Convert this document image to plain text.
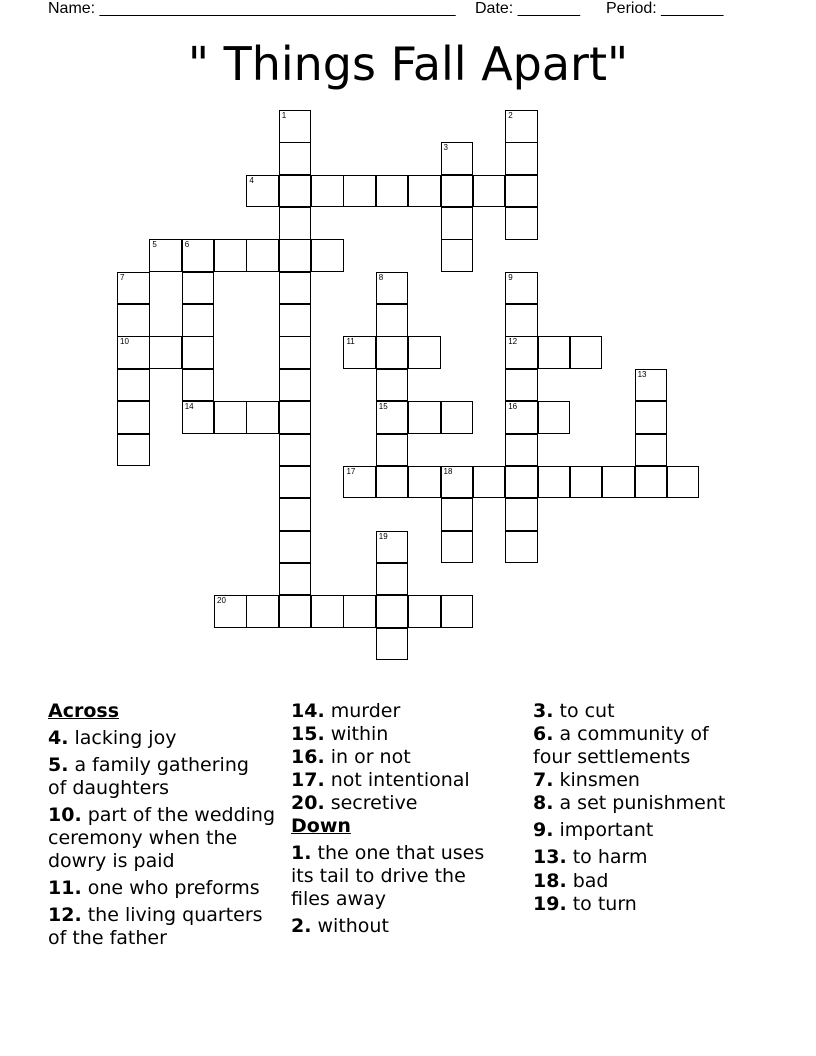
Name: ________________________________________ Date: _______ Period: _______
" Things Fall Apart"
4
5	6
10	11	12
14	15	16
17	18
20
1	2
3
7	8	9
13
19
Across
4. lacking joy
5. a family gathering of daughters
10. part of the wedding ceremony when the dowry is paid
11. one who preforms
12. the living quarters of the father
14. murder
15. within
16. in or not
17. not intentional
20. secretive
Down
1. the one that uses its tail to drive the files away
2. without
3. to cut
6. a community of four settlements
7. kinsmen
8. a set punishment
9. important
13. to harm
18. bad
19. to turn
